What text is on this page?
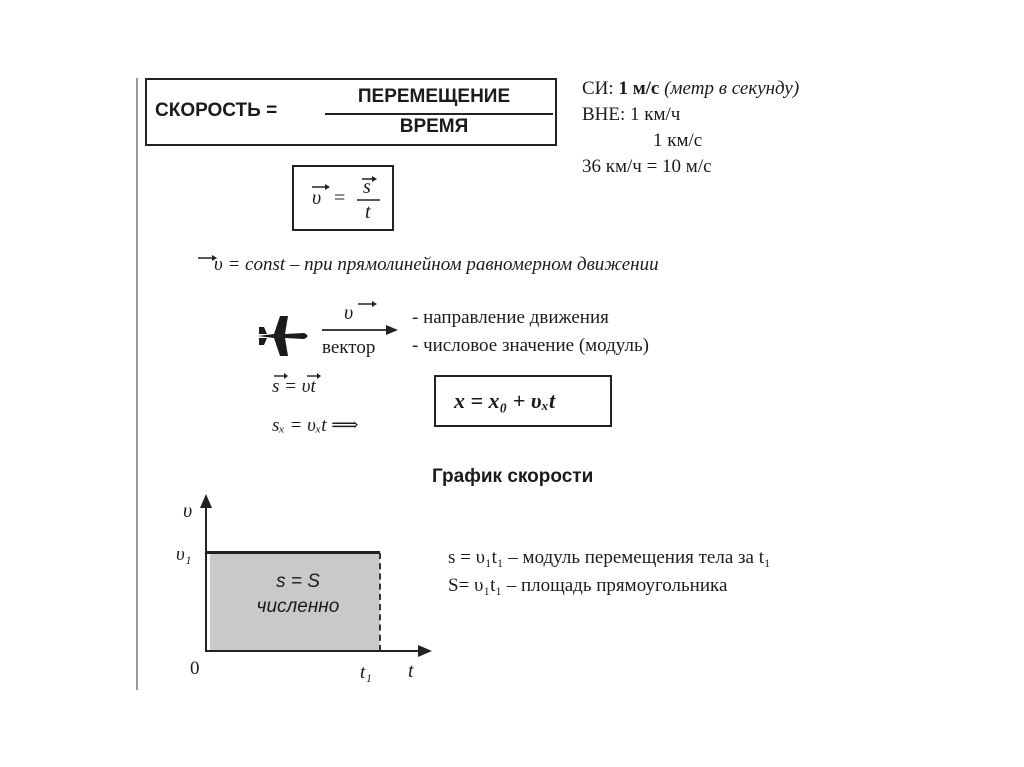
СКОРОСТЬ =
ПЕРЕМЕЩЕНИЕ
ВРЕМЯ
СИ: 1 м/с (метр в секунду)
ВНЕ: 1 км/ч
1 км/с
36 км/ч = 10 м/с
υ = s
t
υ = const – при прямолинейном равномерном движении
υ
вектор
- направление движения
- числовое значение (модуль)
s = υt
sₓ = υₓt ⟹
x = x₀ + υₓt
График скорости
υ
υ₁
0	t₁ t
s = S
численно
s = υ₁t₁ – модуль перемещения тела за t₁
S= υ₁t₁ – площадь прямоугольника
